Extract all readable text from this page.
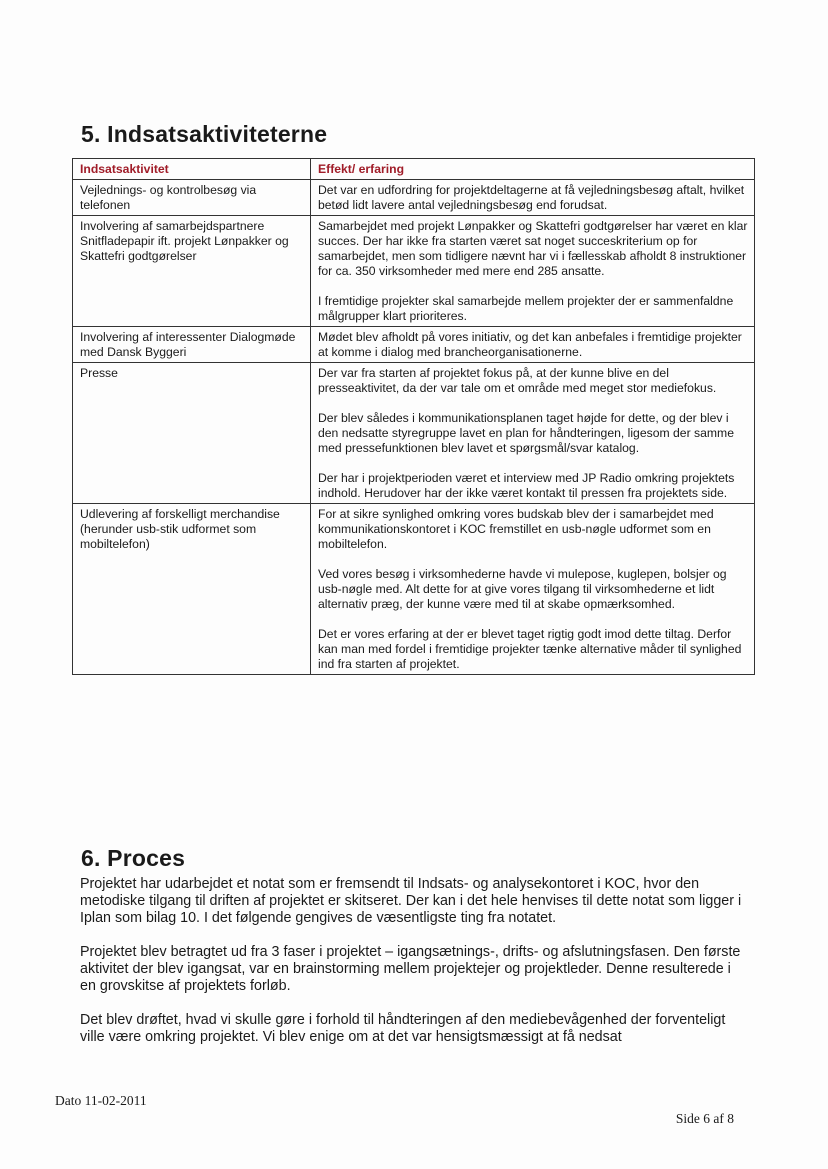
5. Indsatsaktiviteterne
Indsatsaktivitet	Effekt/ erfaring
Vejlednings- og kontrolbesøg via telefonen	Det var en udfordring for projektdeltagerne at få vejledningsbesøg aftalt, hvilket betød lidt lavere antal vejledningsbesøg end forudsat.

Involvering af samarbejdspartnere Snitfladepapir ift. projekt Lønpakker og Skattefri godtgørelser	Samarbejdet med projekt Lønpakker og Skattefri godtgørelser har været en klar succes. Der har ikke fra starten været sat noget succeskriterium op for samarbejdet, men som tidligere nævnt har vi i fællesskab afholdt 8 instruktioner for ca. 350 virksomheder med mere end 285 ansatte.

I fremtidige projekter skal samarbejde mellem projekter der er sammenfaldne målgrupper klart prioriteres.

Involvering af interessenter Dialogmøde med Dansk Byggeri	Mødet blev afholdt på vores initiativ, og det kan anbefales i fremtidige projekter at komme i dialog med brancheorganisationerne.

Presse	Der var fra starten af projektet fokus på, at der kunne blive en del presseaktivitet, da der var tale om et område med meget stor mediefokus.

Der blev således i kommunikationsplanen taget højde for dette, og der blev i den nedsatte styregruppe lavet en plan for håndteringen, ligesom der samme med pressefunktionen blev lavet et spørgsmål/svar katalog.

Der har i projektperioden været et interview med JP Radio omkring projektets indhold. Herudover har der ikke været kontakt til pressen fra projektets side.

Udlevering af forskelligt merchandise (herunder usb-stik udformet som mobiltelefon)	For at sikre synlighed omkring vores budskab blev der i samarbejdet med kommunikationskontoret i KOC fremstillet en usb-nøgle udformet som en mobiltelefon.

Ved vores besøg i virksomhederne havde vi mulepose, kuglepen, bolsjer og usb-nøgle med. Alt dette for at give vores tilgang til virksomhederne et lidt alternativ præg, der kunne være med til at skabe opmærksomhed.

Det er vores erfaring at der er blevet taget rigtig godt imod dette tiltag. Derfor kan man med fordel i fremtidige projekter tænke alternative måder til synlighed ind fra starten af projektet.

6. Proces

Projektet har udarbejdet et notat som er fremsendt til Indsats- og analysekontoret i KOC, hvor den metodiske tilgang til driften af projektet er skitseret. Der kan i det hele henvises til dette notat som ligger i Iplan som bilag 10. I det følgende gengives de væsentligste ting fra notatet.

Projektet blev betragtet ud fra 3 faser i projektet – igangsætnings-, drifts- og afslutningsfasen. Den første aktivitet der blev igangsat, var en brainstorming mellem projektejer og projektleder. Denne resulterede i en grovskitse af projektets forløb.

Det blev drøftet, hvad vi skulle gøre i forhold til håndteringen af den mediebevågenhed der forventeligt ville være omkring projektet. Vi blev enige om at det var hensigtsmæssigt at få nedsat

Dato 11-02-2011
Side 6 af 8
